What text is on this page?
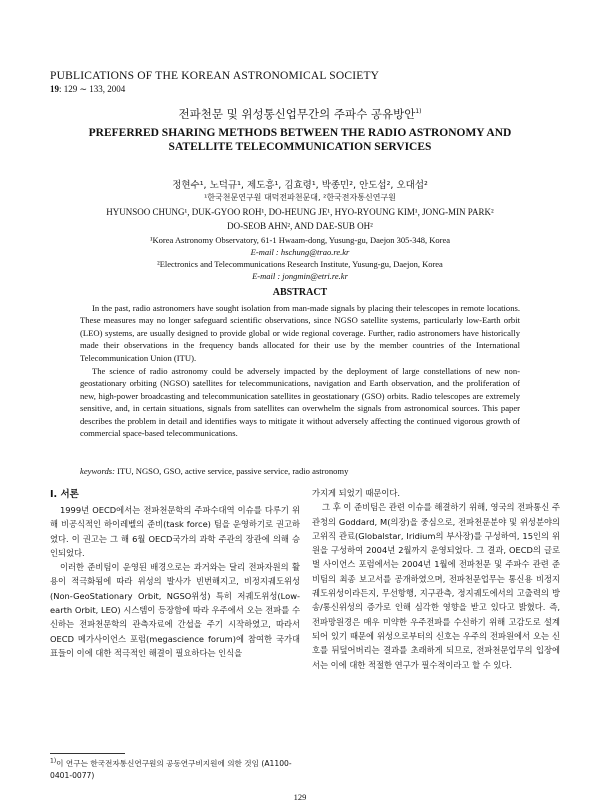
PUBLICATIONS OF THE KOREAN ASTRONOMICAL SOCIETY
19: 129 ∼ 133, 2004
전파천문 및 위성통신업무간의 주파수 공유방안$^{1)}$
PREFERRED SHARING METHODS BETWEEN THE RADIO ASTRONOMY AND
SATELLITE TELECOMMUNICATION SERVICES
정현수¹, 노덕규¹, 제도흥¹, 김효령¹, 박종민², 안도섭², 오대섭²
¹한국천문연구원 대덕전파천문대, ²한국전자통신연구원
HYUNSOO CHUNG¹, DUK-GYOO ROH¹, DO-HEUNG JE¹, HYO-RYOUNG KIM¹, JONG-MIN PARK²
DO-SEOB AHN², AND DAE-SUB OH²
¹Korea Astronomy Observatory, 61-1 Hwaam-dong, Yusung-gu, Daejon 305-348, Korea
E-mail : hschung@trao.re.kr
²Electronics and Telecommunications Research Institute, Yusung-gu, Daejon, Korea
E-mail : jongmin@etri.re.kr
ABSTRACT
In the past, radio astronomers have sought isolation from man-made signals by placing their telescopes in remote locations. These measures may no longer safeguard scientific observations, since NGSO satellite systems, particularly low-Earth orbit (LEO) systems, are usually designed to provide global or wide regional coverage. Further, radio astronomers have historically made their observations in the frequency bands allocated for their use by the member countries of the International Telecommunication Union (ITU).
The science of radio astronomy could be adversely impacted by the deployment of large constellations of new non-geostationary orbiting (NGSO) satellites for telecommunications, navigation and Earth observation, and the proliferation of new, high-power broadcasting and telecommunication satellites in geostationary (GSO) orbits. Radio telescopes are extremely sensitive, and, in certain situations, signals from satellites can overwhelm the signals from astronomical sources. This paper describes the problem in detail and identifies ways to mitigate it without adversely affecting the continued vigorous growth of commercial space-based telecommunications.
keywords: ITU, NGSO, GSO, active service, passive service, radio astronomy
I. 서론

1999년 OECD에서는 전파천문학의 주파수대역 이슈를 다루기 위해 비공식적인 하이레벨의 준비(task force) 팀을 운영하기로 권고하였다. 이 권고는 그 해 6월 OECD국가의 과학 주관의 장관에 의해 승인되었다.

이러한 준비팀이 운영된 배경으로는 과거와는 달리 전파자원의 활용이 적극화됨에 따라 위성의 발사가 빈번해지고, 비정지궤도위성(Non-GeoStationary Orbit, NGSO위성) 특히 저궤도위성(Low-earth Orbit, LEO) 시스템이 등장함에 따라 우주에서 오는 전파를 수신하는 전파천문학의 관측자료에 간섭을 주기 시작하였고, 따라서 OECD 메가사이언스 포럼(megascience forum)에 참여한 국가대표들이 이에 대한 적극적인 해결이 필요하다는 인식을

가지게 되었기 때문이다.

그 후 이 준비팀은 관련 이슈를 해결하기 위해, 영국의 전파통신 주관청의 Goddard, M(의장)을 중심으로, 전파천문분야 및 위성분야의 고위직 관료(Globalstar, Iridium의 부사장)를 구성하여, 15인의 위원을 구성하여 2004년 2월까지 운영되었다. 그 결과, OECD의 글로벌 사이언스 포럼에서는 2004년 1월에 전파천문 및 주파수 관련 준비팀의 최종 보고서를 공개하였으며, 전파천문업무는 통신용 비정지궤도위성이라든지, 무선항행, 지구관측, 정지궤도에서의 고출력의 방송/통신위성의 증가로 인해 심각한 영향을 받고 있다고 밝혔다. 즉, 전파망원경은 매우 미약한 우주전파를 수신하기 위해 고감도로 설계되어 있기 때문에 위성으로부터의 신호는 우주의 전파원에서 오는 신호를 뒤덮어버리는 결과를 초래하게 되므로, 전파천문업무의 입장에서는 이에 대한 적절한 연구가 필수적이라고 할 수 있다.

$^{1)}$이 연구는 한국전자통신연구원의 공동연구비지원에 의한 것임 (A1100-0401-0077)
129
